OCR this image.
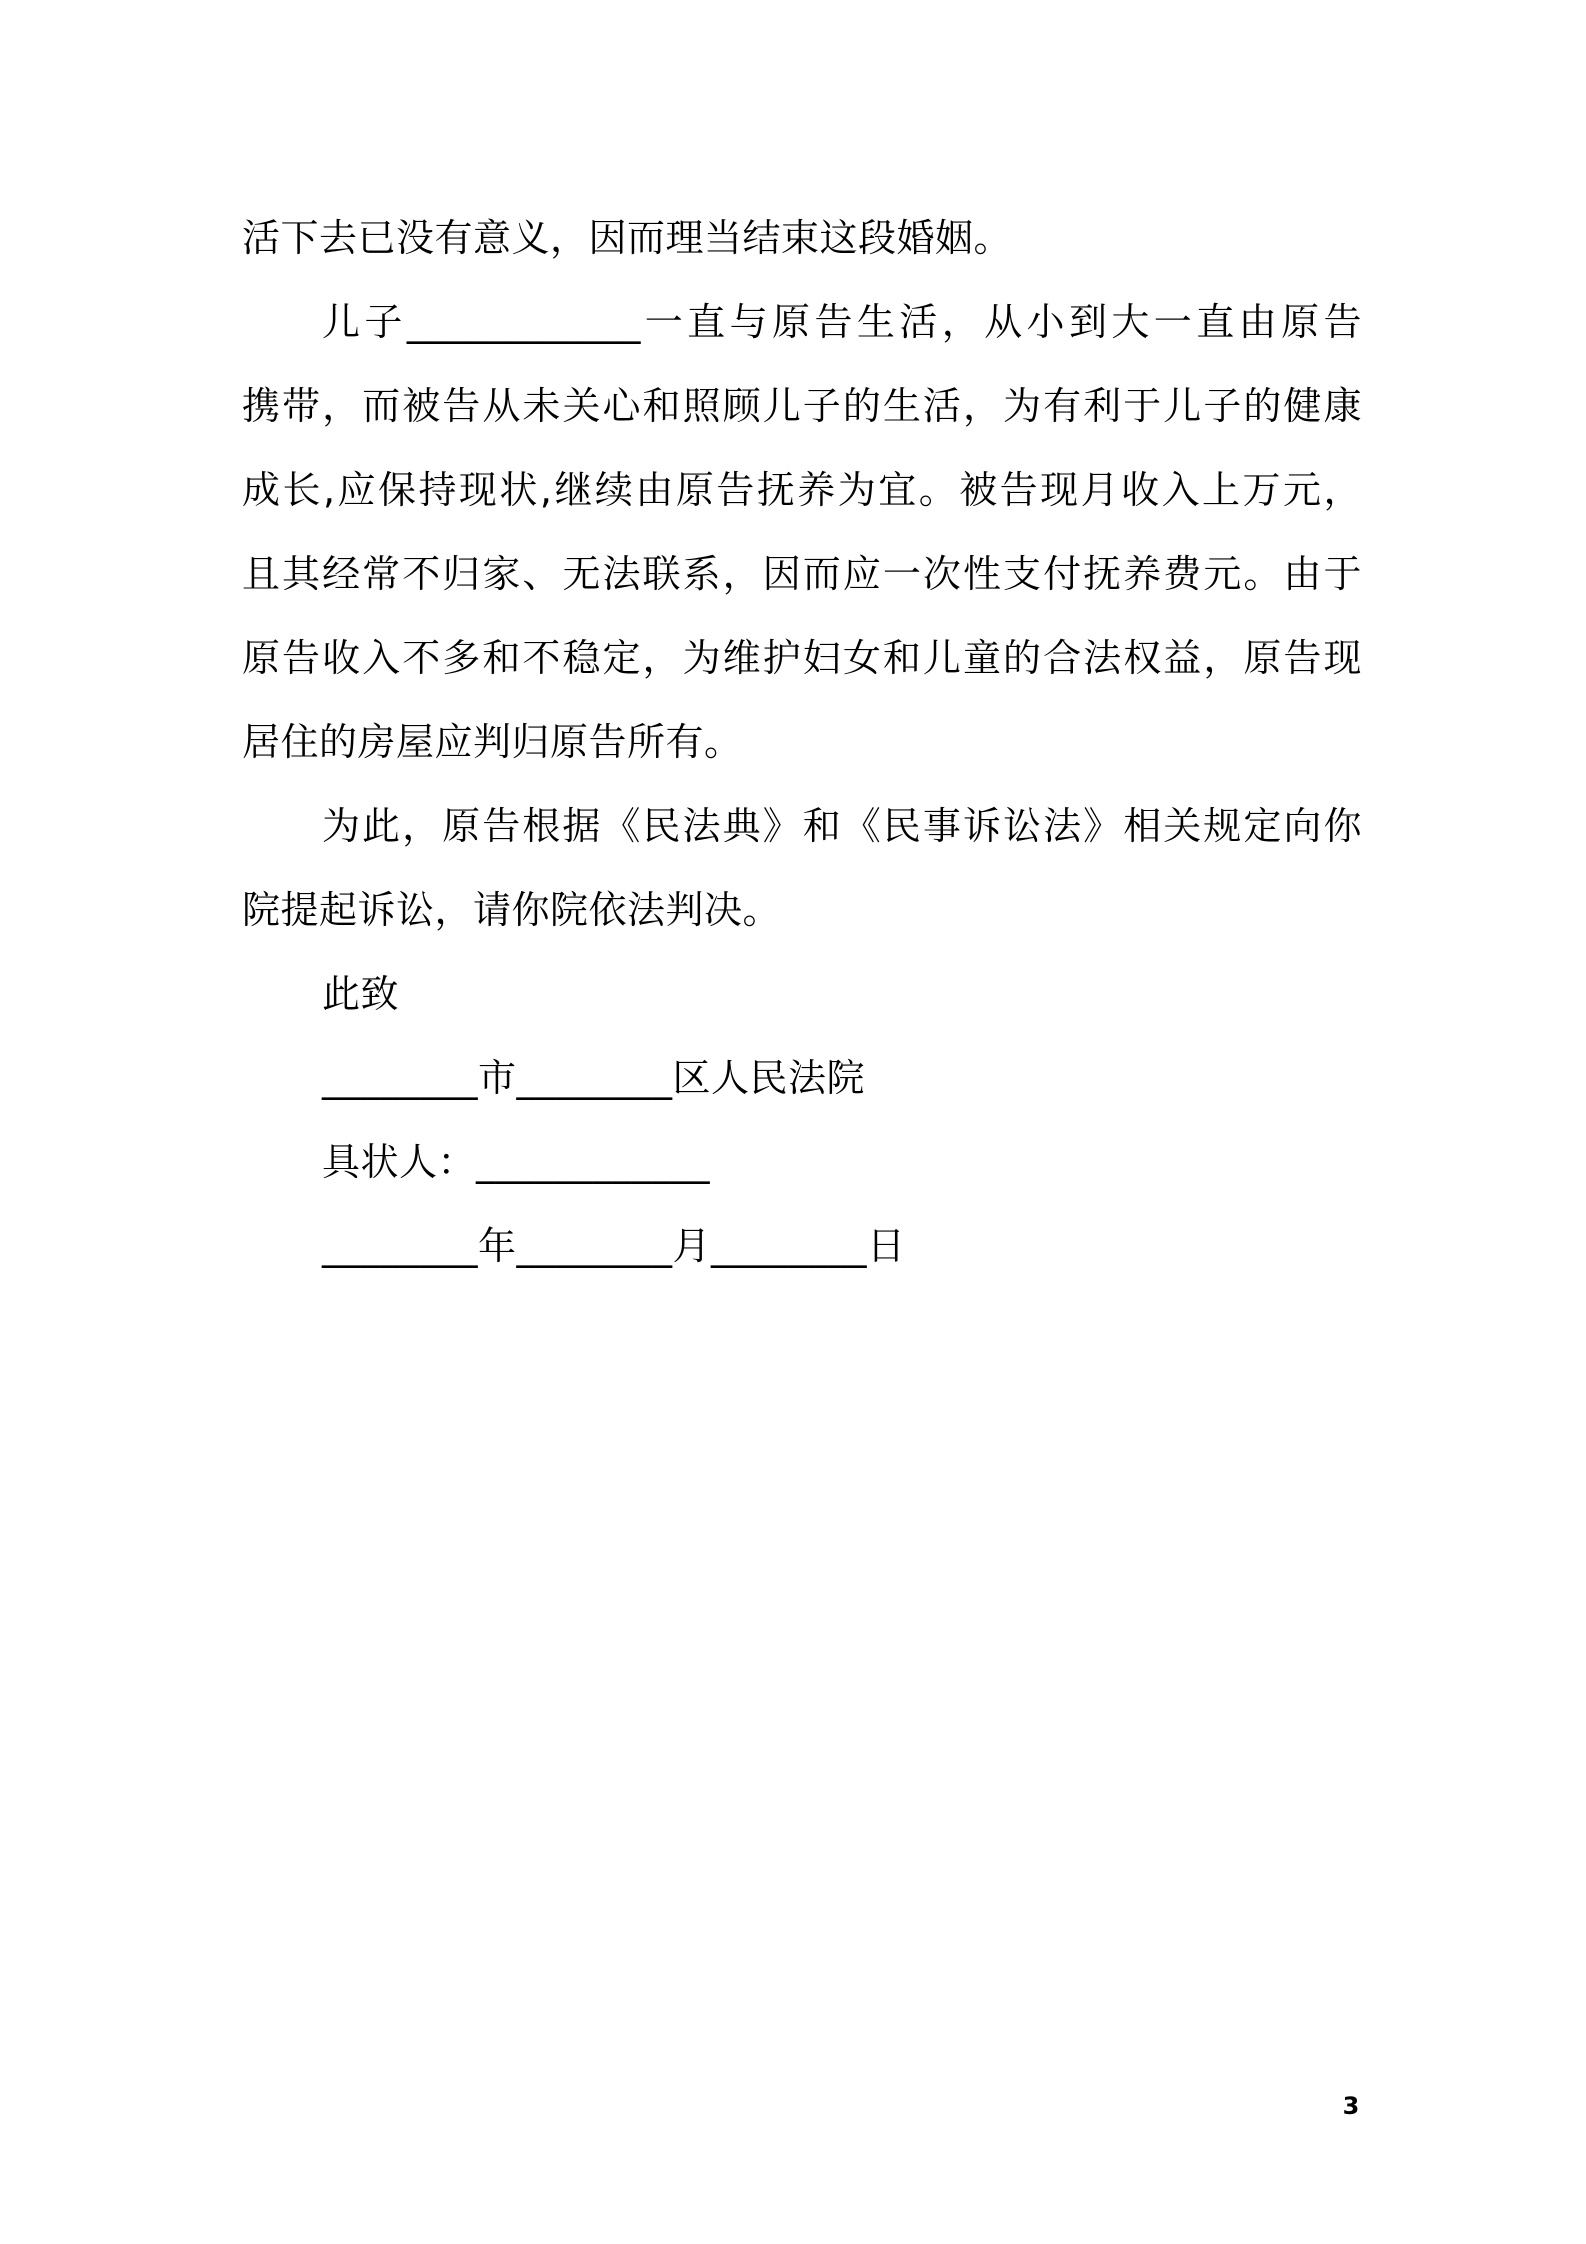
活下去已没有意义，因而理当结束这段婚姻。
儿子____________一直与原告生活，从小到大一直由原告
携带，而被告从未关心和照顾儿子的生活，为有利于儿子的健康
成长,应保持现状,继续由原告抚养为宜。被告现月收入上万元，
且其经常不归家、无法联系，因而应一次性支付抚养费元。由于
原告收入不多和不稳定，为维护妇女和儿童的合法权益，原告现
居住的房屋应判归原告所有。
为此，原告根据《民法典》和《民事诉讼法》相关规定向你
院提起诉讼，请你院依法判决。
此致
________市________区人民法院
具状人：____________
________年________月________日
3
